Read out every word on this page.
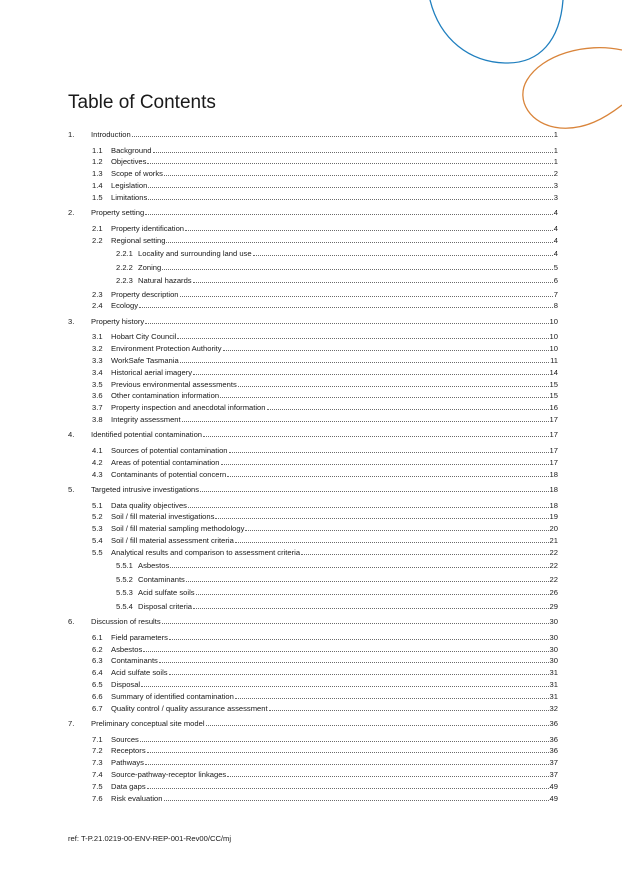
Table of Contents
1.	Introduction	1
1.1	Background	1
1.2	Objectives	1
1.3	Scope of works	2
1.4	Legislation	3
1.5	Limitations	3
2.	Property setting	4
2.1	Property identification	4
2.2	Regional setting	4
2.2.1 Locality and surrounding land use	4
2.2.2 Zoning	5
2.2.3 Natural hazards	6
2.3	Property description	7
2.4	Ecology	8
3.	Property history	10
3.1	Hobart City Council	10
3.2	Environment Protection Authority	10
3.3	WorkSafe Tasmania	11
3.4	Historical aerial imagery	14
3.5	Previous environmental assessments	15
3.6	Other contamination information	15
3.7	Property inspection and anecdotal information	16
3.8	Integrity assessment	17
4.	Identified potential contamination	17
4.1	Sources of potential contamination	17
4.2	Areas of potential contamination	17
4.3	Contaminants of potential concern	18
5.	Targeted intrusive investigations	18
5.1	Data quality objectives	18
5.2	Soil / fill material investigations	19
5.3	Soil / fill material sampling methodology	20
5.4	Soil / fill material assessment criteria	21
5.5	Analytical results and comparison to assessment criteria	22
5.5.1 Asbestos	22
5.5.2 Contaminants	22
5.5.3 Acid sulfate soils	26
5.5.4 Disposal criteria	29
6.	Discussion of results	30
6.1	Field parameters	30
6.2	Asbestos	30
6.3	Contaminants	30
6.4	Acid sulfate soils	31
6.5	Disposal	31
6.6	Summary of identified contamination	31
6.7	Quality control / quality assurance assessment	32
7.	Preliminary conceptual site model	36
7.1	Sources	36
7.2	Receptors	36
7.3	Pathways	37
7.4	Source-pathway-receptor linkages	37
7.5	Data gaps	49
7.6	Risk evaluation	49
ref: T-P.21.0219-00-ENV-REP-001-Rev00/CC/mj
